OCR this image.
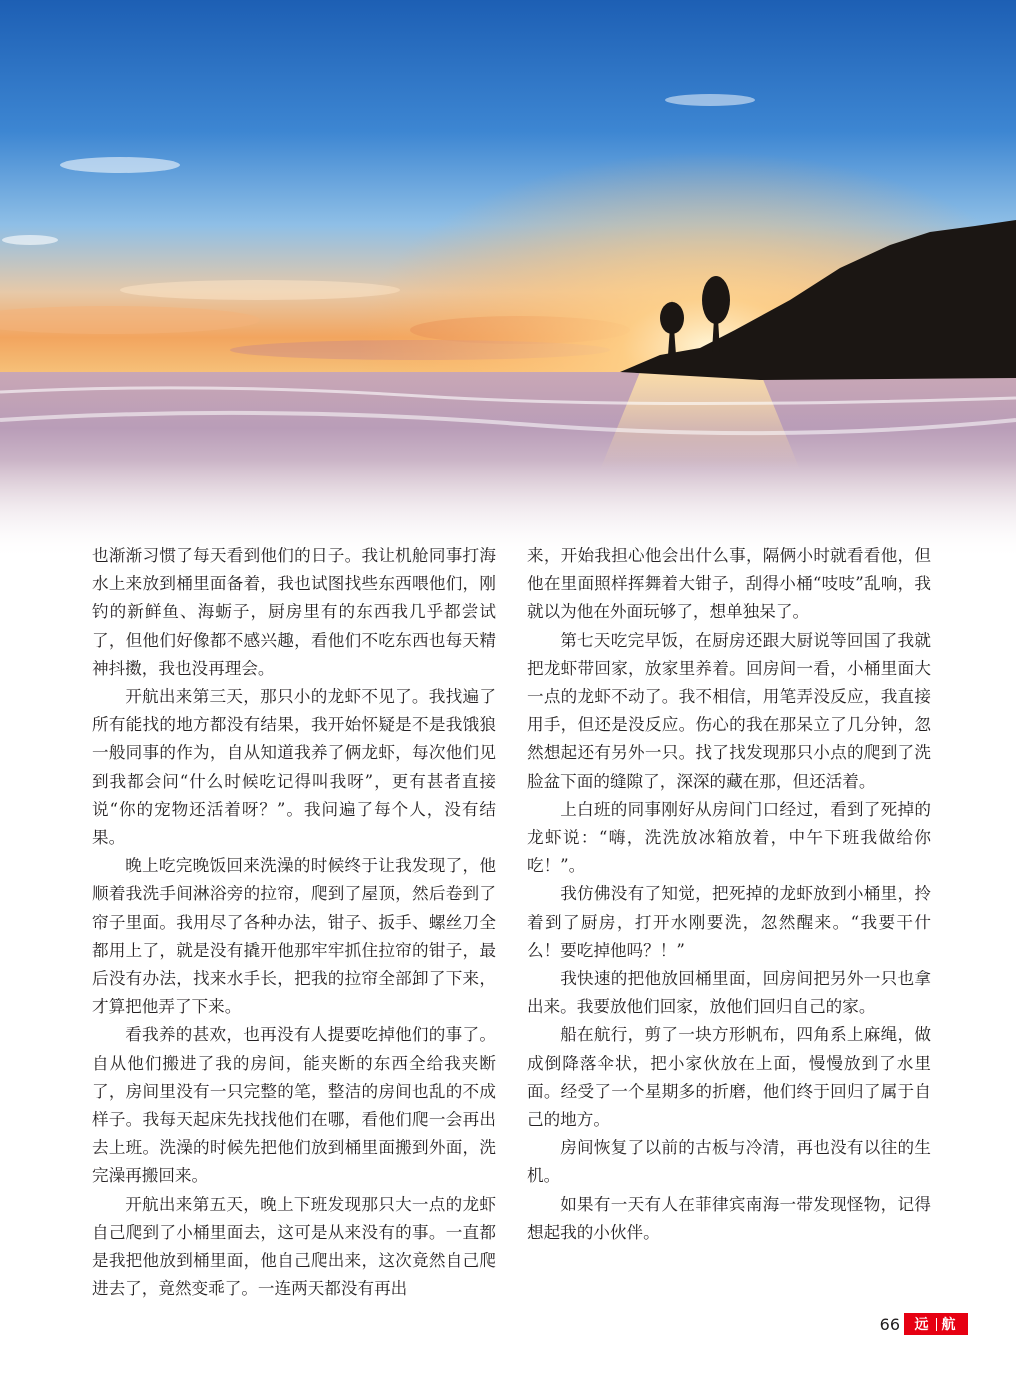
也渐渐习惯了每天看到他们的日子。我让机舱同事打海水上来放到桶里面备着，我也试图找些东西喂他们，刚钓的新鲜鱼、海蛎子，厨房里有的东西我几乎都尝试了，但他们好像都不感兴趣，看他们不吃东西也每天精神抖擞，我也没再理会。

开航出来第三天，那只小的龙虾不见了。我找遍了所有能找的地方都没有结果，我开始怀疑是不是我饿狼一般同事的作为，自从知道我养了俩龙虾，每次他们见到我都会问“什么时候吃记得叫我呀”，更有甚者直接说“你的宠物还活着呀？”。我问遍了每个人，没有结果。

晚上吃完晚饭回来洗澡的时候终于让我发现了，他顺着我洗手间淋浴旁的拉帘，爬到了屋顶，然后卷到了帘子里面。我用尽了各种办法，钳子、扳手、螺丝刀全都用上了，就是没有撬开他那牢牢抓住拉帘的钳子，最后没有办法，找来水手长，把我的拉帘全部卸了下来，才算把他弄了下来。

看我养的甚欢，也再没有人提要吃掉他们的事了。自从他们搬进了我的房间，能夹断的东西全给我夹断了，房间里没有一只完整的笔，整洁的房间也乱的不成样子。我每天起床先找找他们在哪，看他们爬一会再出去上班。洗澡的时候先把他们放到桶里面搬到外面，洗完澡再搬回来。

开航出来第五天，晚上下班发现那只大一点的龙虾自己爬到了小桶里面去，这可是从来没有的事。一直都是我把他放到桶里面，他自己爬出来，这次竟然自己爬进去了，竟然变乖了。一连两天都没有再出

来，开始我担心他会出什么事，隔俩小时就看看他，但他在里面照样挥舞着大钳子，刮得小桶“吱吱”乱响，我就以为他在外面玩够了，想单独呆了。

第七天吃完早饭，在厨房还跟大厨说等回国了我就把龙虾带回家，放家里养着。回房间一看，小桶里面大一点的龙虾不动了。我不相信，用笔弄没反应，我直接用手，但还是没反应。伤心的我在那呆立了几分钟，忽然想起还有另外一只。找了找发现那只小点的爬到了洗脸盆下面的缝隙了，深深的藏在那，但还活着。

上白班的同事刚好从房间门口经过，看到了死掉的龙虾说：“嗨，洗洗放冰箱放着，中午下班我做给你吃！”。

我仿佛没有了知觉，把死掉的龙虾放到小桶里，拎着到了厨房，打开水刚要洗，忽然醒来。“我要干什么！要吃掉他吗？！”

我快速的把他放回桶里面，回房间把另外一只也拿出来。我要放他们回家，放他们回归自己的家。

船在航行，剪了一块方形帆布，四角系上麻绳，做成倒降落伞状，把小家伙放在上面，慢慢放到了水里面。经受了一个星期多的折磨，他们终于回归了属于自己的地方。

房间恢复了以前的古板与冷清，再也没有以往的生机。

如果有一天有人在菲律宾南海一带发现怪物，记得想起我的小伙伴。

66 远 航
